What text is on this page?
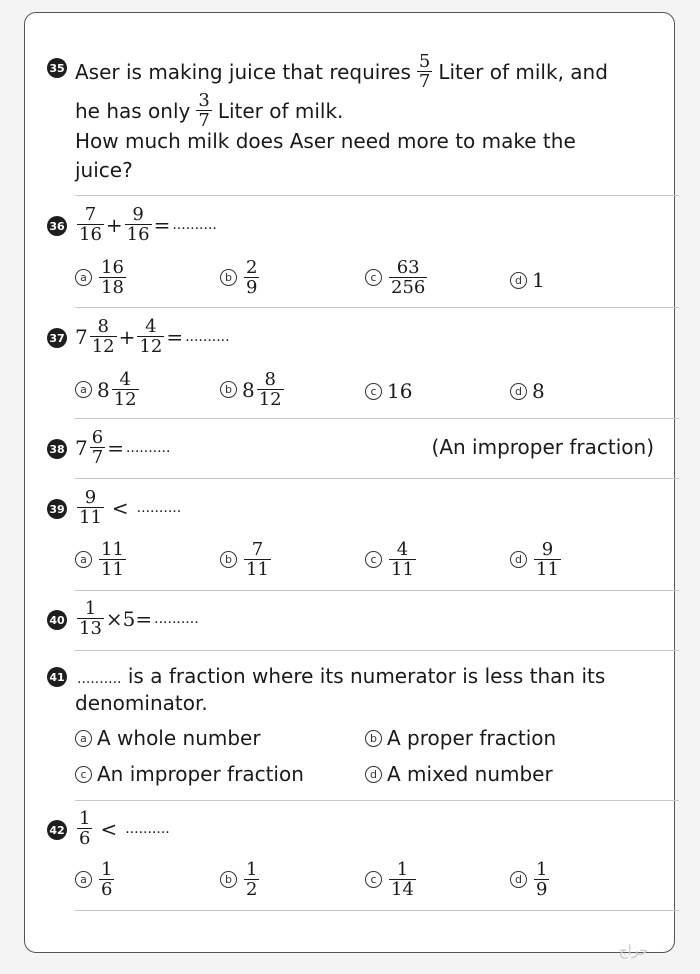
35 Aser is making juice that requires $\frac{5}{7}$ Liter of milk, and
he has only $\frac{3}{7}$ Liter of milk.
How much milk does Aser need more to make the
juice?
$36 \frac{7}{16} + \frac{9}{16}$ = ..........
a $\frac{16}{18}$	b $\frac{2}{9}$	c $\frac{63}{256}$	d 1
37 $7 \frac{8}{12} + \frac{4}{12}$ = ..........
a $8 \frac{4}{12}$	b $8 \frac{8}{12}$	c 16	d 8
38 $7 \frac{6}{7}$ = ..........	(An improper fraction)
$39 \frac{9}{11}$ < ..........
a $\frac{11}{11}$	b $\frac{7}{11}$	c $\frac{4}{11}$	d $\frac{9}{11}$
$40 \frac{1}{13} \times 5=$ ..........
41 .......... is a fraction where its numerator is less than its
denominator.
a A whole number	b A proper fraction
c An improper fraction	d A mixed number
$42 \frac{1}{6}$ < ..........
a $\frac{1}{6}$	b $\frac{1}{2}$	c $\frac{1}{14}$	d $\frac{1}{9}$
حراج
